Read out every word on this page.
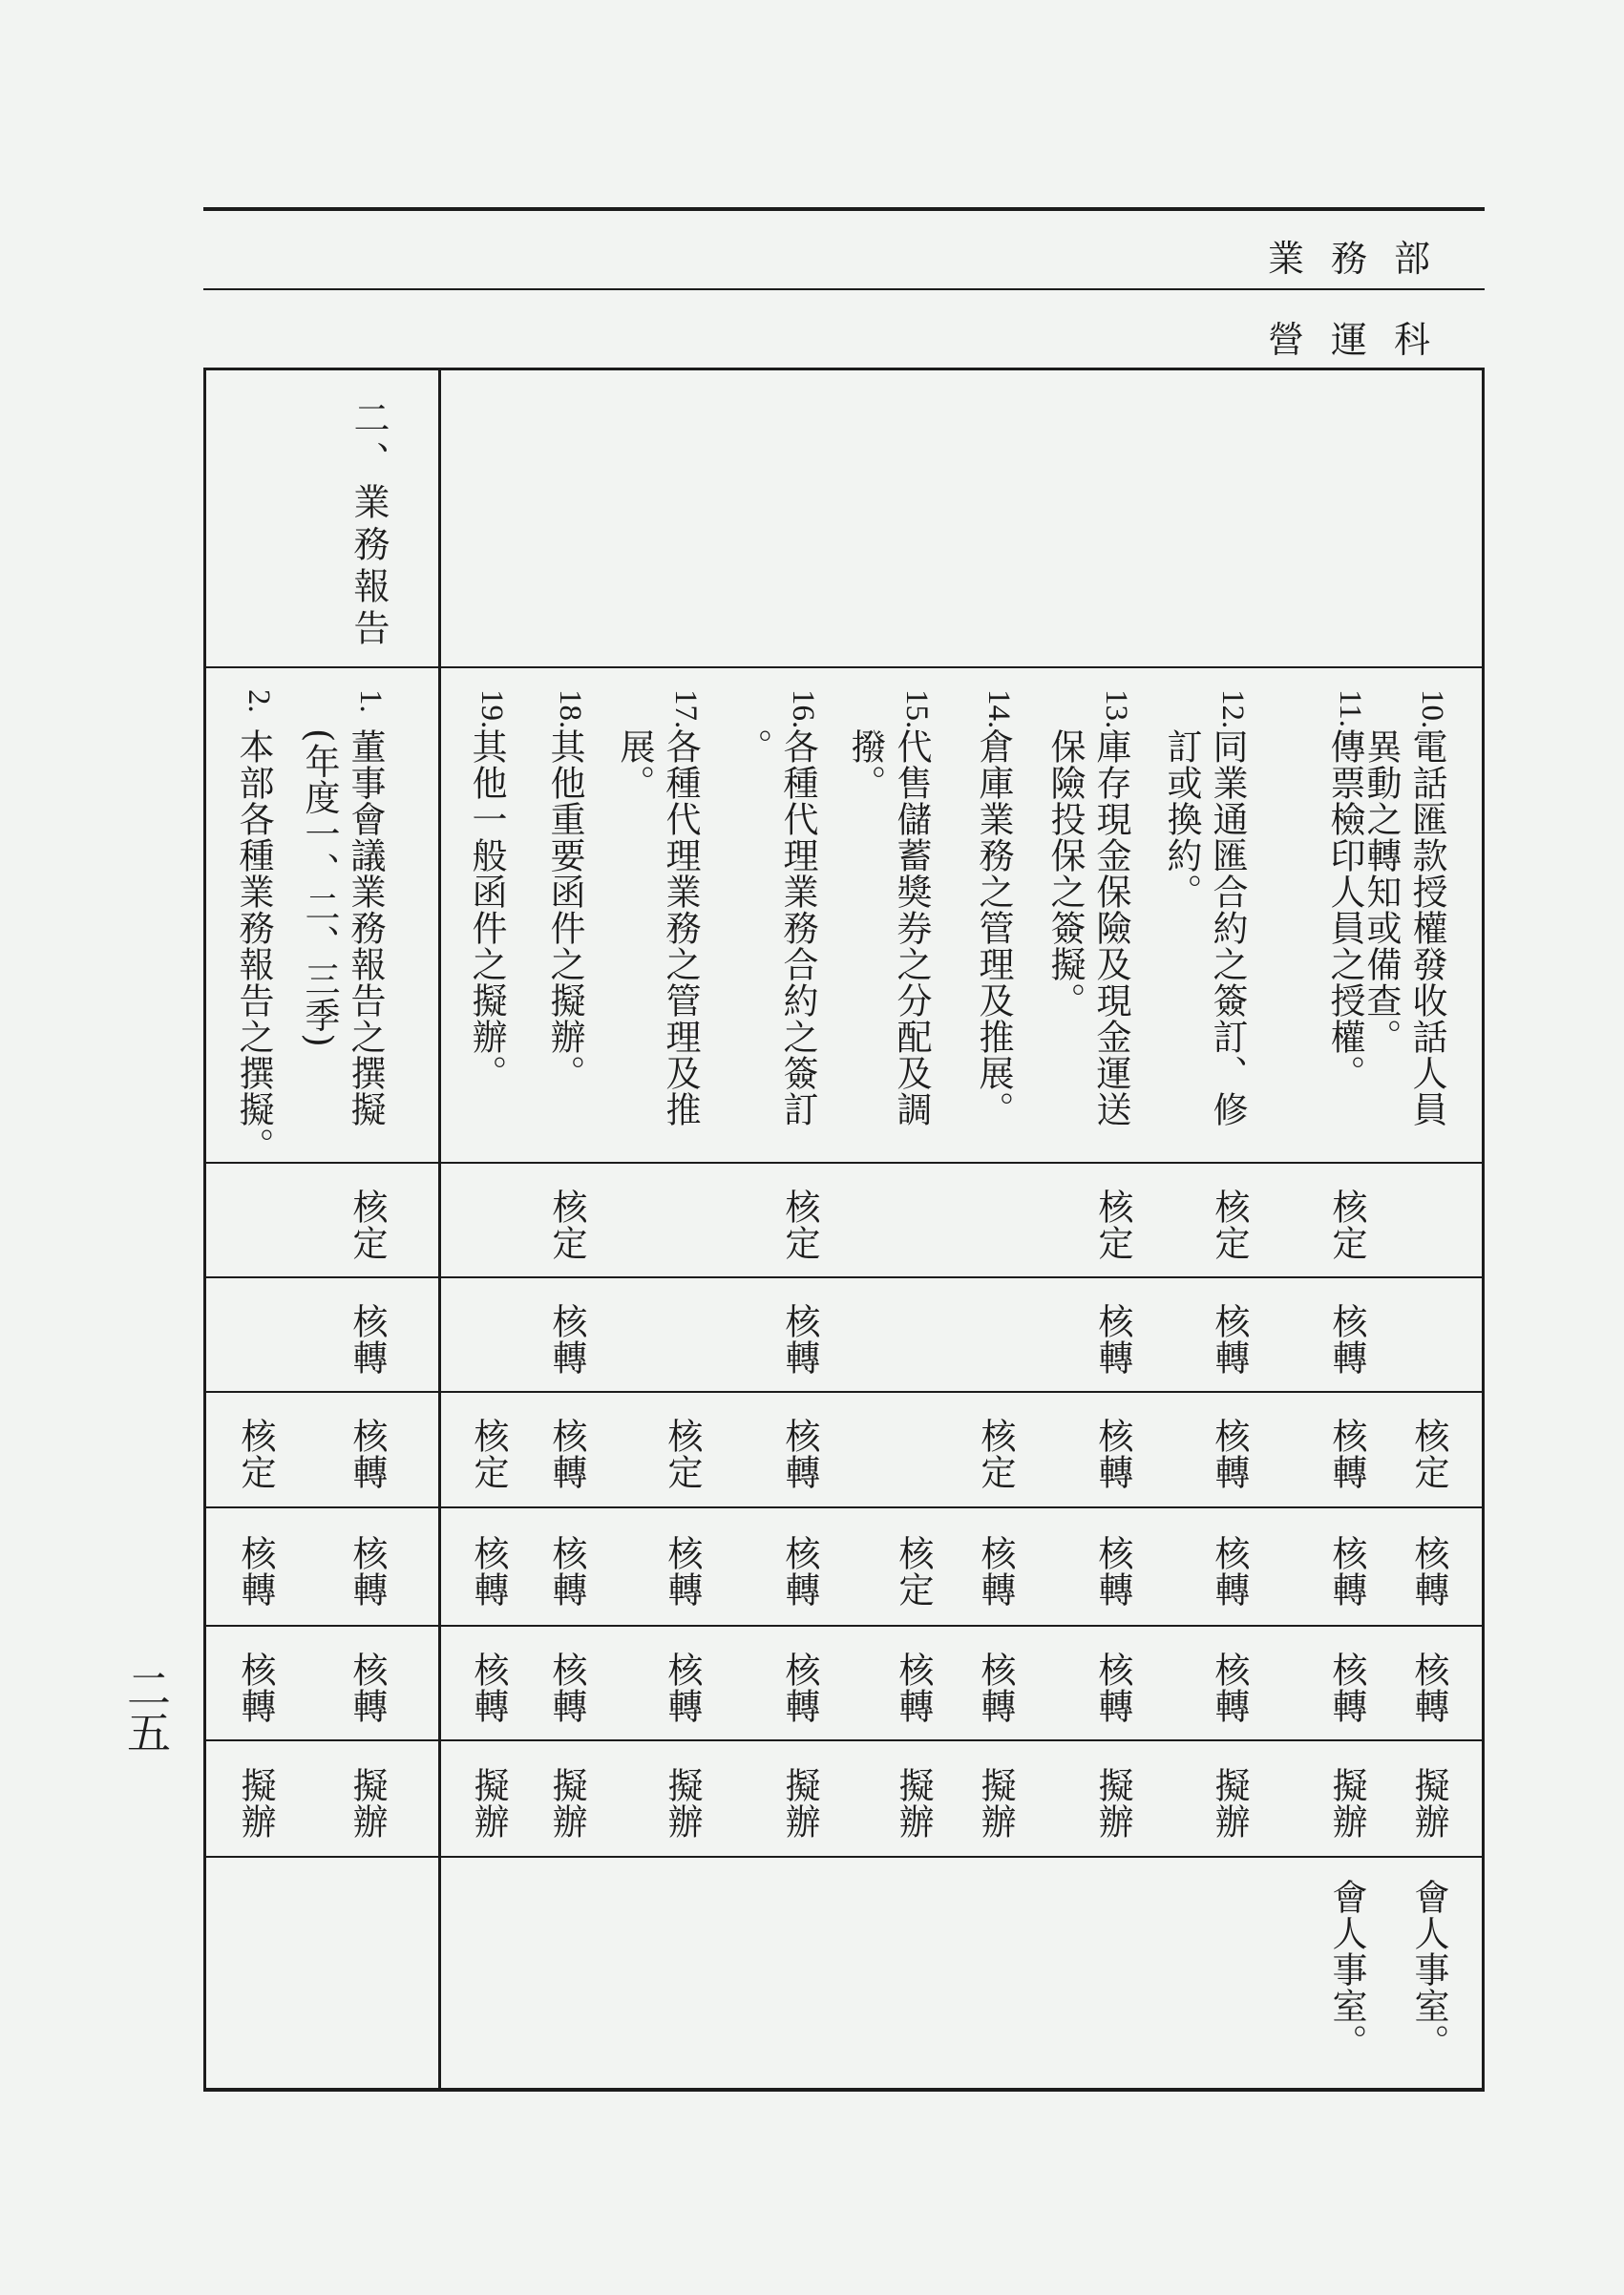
業務部
營運科
二、業務報告
10.
電話匯款授權發收話人員
異動之轉知或備查。
核定
核轉
核轉
擬辦
會人事室。
11.
傳票檢印人員之授權。
核定
核轉
核轉
核轉
核轉
擬辦
會人事室。
12.
同業通匯合約之簽訂、修
訂或換約。
核定
核轉
核轉
核轉
核轉
擬辦
13.
庫存現金保險及現金運送
保險投保之簽擬。
核定
核轉
核轉
核轉
核轉
擬辦
14.
倉庫業務之管理及推展。
核定
核轉
核轉
擬辦
15.
代售儲蓄獎券之分配及調
撥。
核定
核轉
擬辦
16.
各種代理業務合約之簽訂
。
核定
核轉
核轉
核轉
核轉
擬辦
17.
各種代理業務之管理及推
展。
核定
核轉
核轉
擬辦
18.
其他重要函件之擬辦。
核定
核轉
核轉
核轉
核轉
擬辦
19.
其他一般函件之擬辦。
核定
核轉
核轉
擬辦
1.
董事會議業務報告之撰擬
(年度一、二、三季)
核定
核轉
核轉
核轉
核轉
擬辦
2.
本部各種業務報告之撰擬。
核定
核轉
核轉
擬辦
二五
